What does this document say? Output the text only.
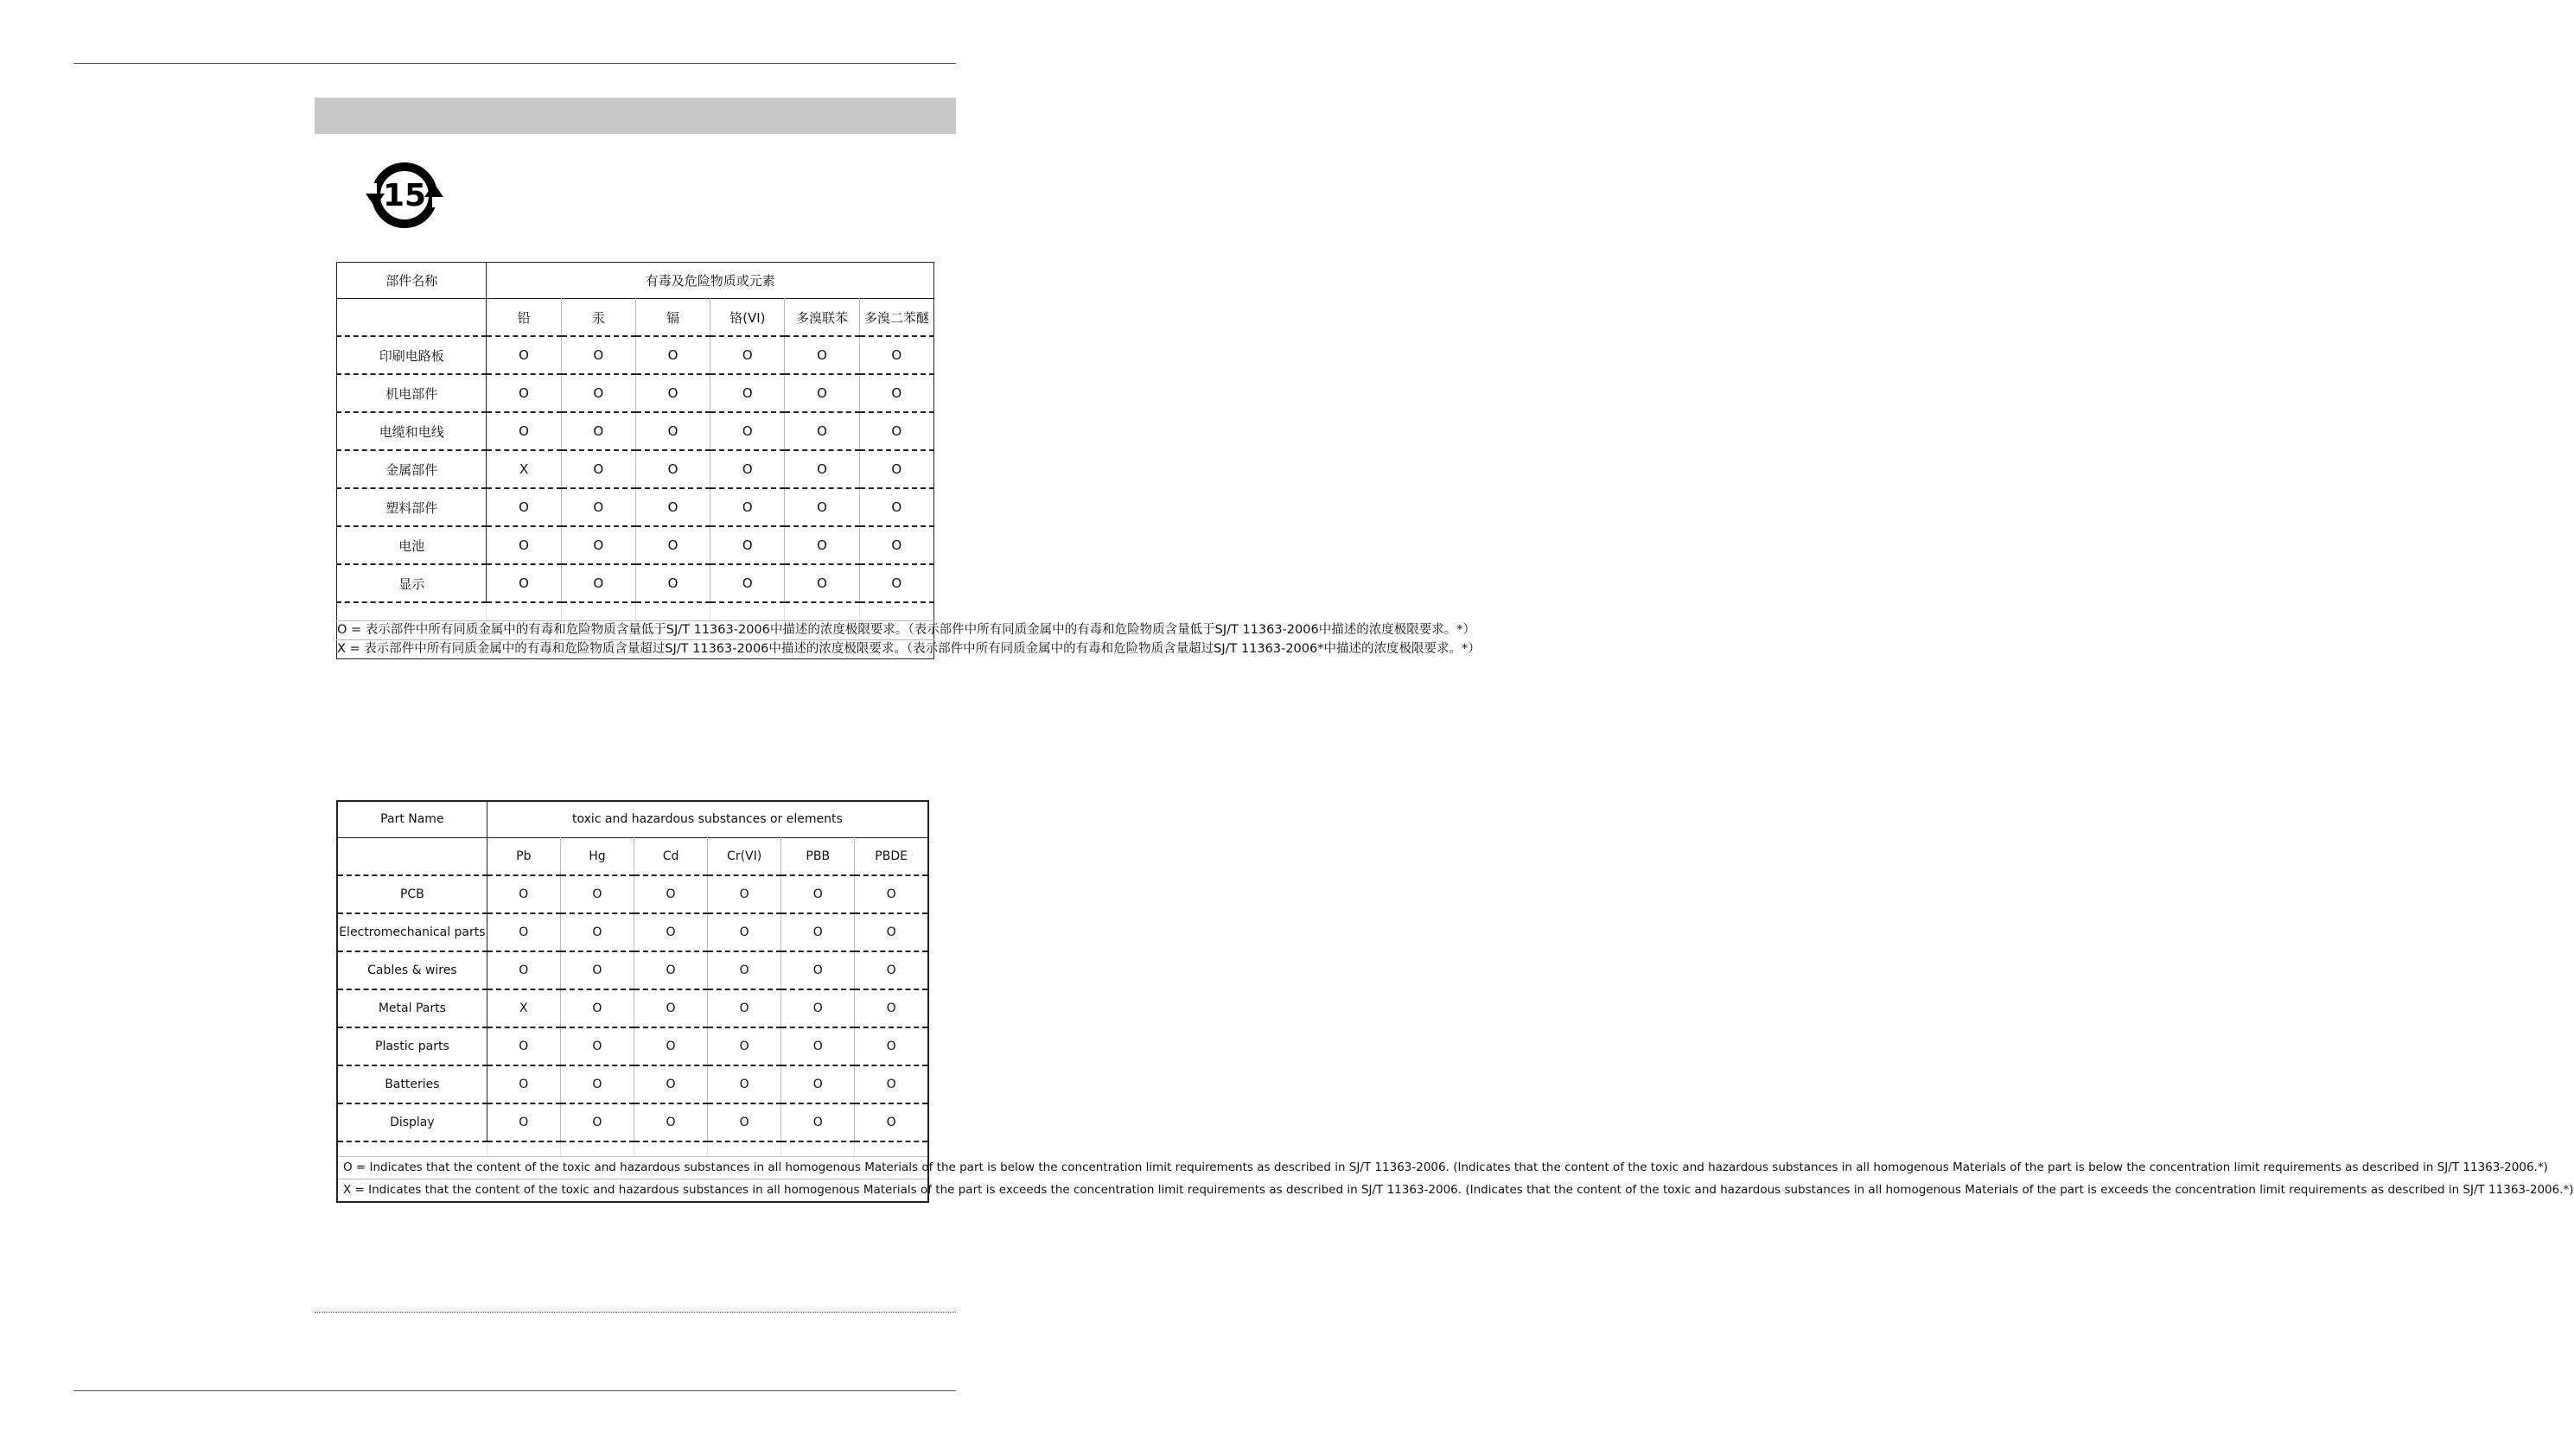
15
部件名称	有毒及危险物质或元素					
	铅	汞	镉	铬(VI)	多溴联苯	多溴二苯醚
印刷电路板	O	O	O	O	O	O
机电部件	O	O	O	O	O	O
电缆和电线	O	O	O	O	O	O
金属部件	X	O	O	O	O	O
塑料部件	O	O	O	O	O	O
电池	O	O	O	O	O	O
显示	O	O	O	O	O	O

O = 表示部件中所有同质金属中的有毒和危险物质含量低于SJ/T 11363-2006中描述的浓度极限要求。（表示部件中所有同质金属中的有毒和危险物质含量低于SJ/T 11363-2006中描述的浓度极限要求。*）						
X = 表示部件中所有同质金属中的有毒和危险物质含量超过SJ/T 11363-2006中描述的浓度极限要求。（表示部件中所有同质金属中的有毒和危险物质含量超过SJ/T 11363-2006*中描述的浓度极限要求。*）						
Part Name	toxic and hazardous substances or elements					
	Pb	Hg	Cd	Cr(VI)	PBB	PBDE
PCB	O	O	O	O	O	O
Electromechanical parts	O	O	O	O	O	O
Cables & wires	O	O	O	O	O	O
Metal Parts	X	O	O	O	O	O
Plastic parts	O	O	O	O	O	O
Batteries	O	O	O	O	O	O
Display	O	O	O	O	O	O

O = Indicates that the content of the toxic and hazardous substances in all homogenous Materials of the part is below the concentration limit requirements as described in SJ/T 11363-2006. (Indicates that the content of the toxic and hazardous substances in all homogenous Materials of the part is below the concentration limit requirements as described in SJ/T 11363-2006.*)						
X = Indicates that the content of the toxic and hazardous substances in all homogenous Materials of the part is exceeds the concentration limit requirements as described in SJ/T 11363-2006. (Indicates that the content of the toxic and hazardous substances in all homogenous Materials of the part is exceeds the concentration limit requirements as described in SJ/T 11363-2006.*)						
